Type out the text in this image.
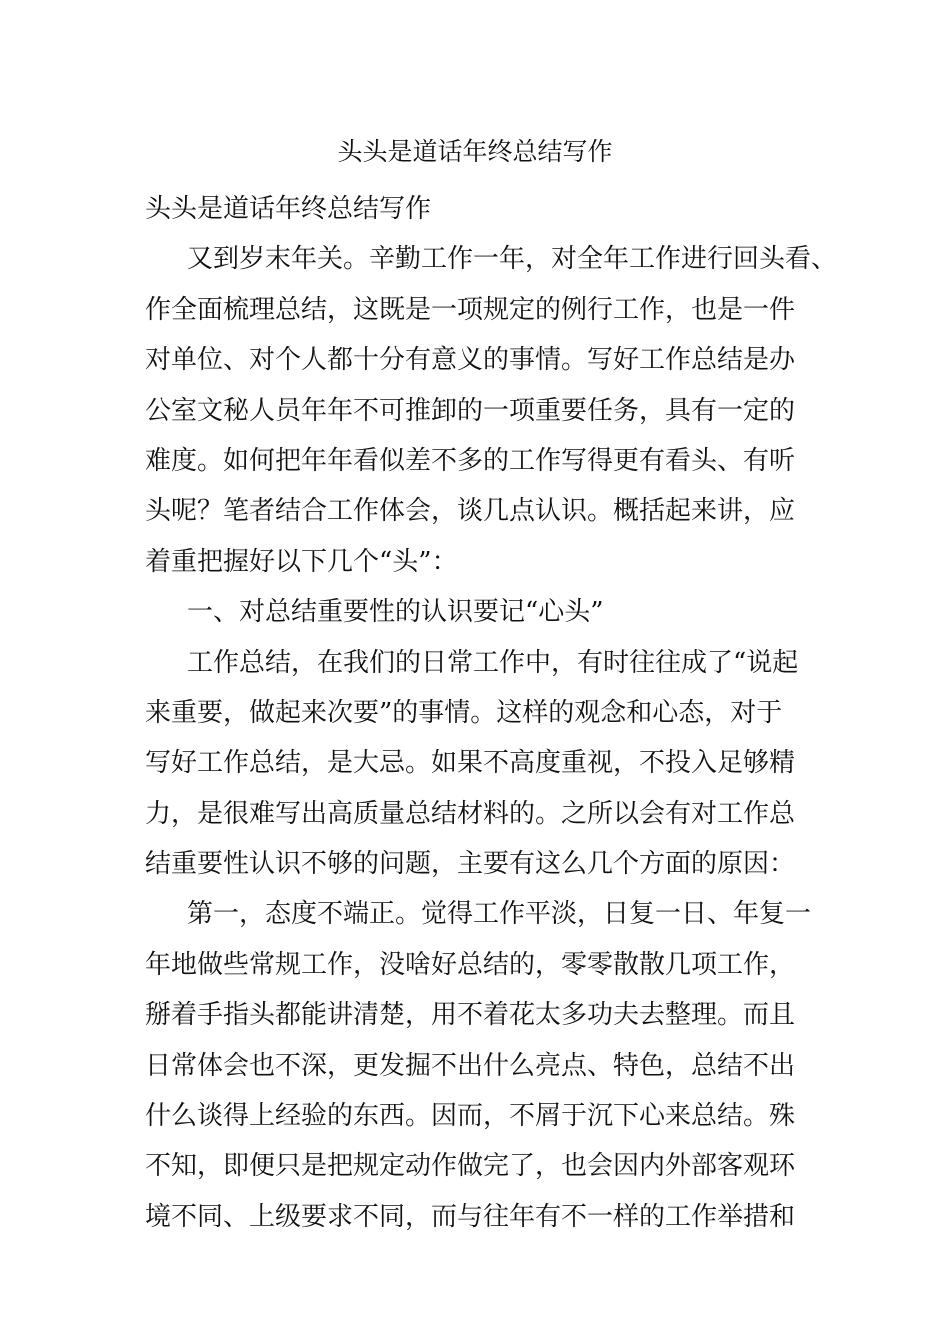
头头是道话年终总结写作
头头是道话年终总结写作
又到岁末年关。辛勤工作一年，对全年工作进行回头看、
作全面梳理总结，这既是一项规定的例行工作，也是一件
对单位、对个人都十分有意义的事情。写好工作总结是办
公室文秘人员年年不可推卸的一项重要任务，具有一定的
难度。如何把年年看似差不多的工作写得更有看头、有听
头呢？笔者结合工作体会，谈几点认识。概括起来讲，应
着重把握好以下几个“头”：
一、对总结重要性的认识要记“心头”
工作总结，在我们的日常工作中，有时往往成了“说起
来重要，做起来次要”的事情。这样的观念和心态，对于
写好工作总结，是大忌。如果不高度重视，不投入足够精
力，是很难写出高质量总结材料的。之所以会有对工作总
结重要性认识不够的问题，主要有这么几个方面的原因：
第一，态度不端正。觉得工作平淡，日复一日、年复一
年地做些常规工作，没啥好总结的，零零散散几项工作，
掰着手指头都能讲清楚，用不着花太多功夫去整理。而且
日常体会也不深，更发掘不出什么亮点、特色，总结不出
什么谈得上经验的东西。因而，不屑于沉下心来总结。殊
不知，即便只是把规定动作做完了，也会因内外部客观环
境不同、上级要求不同，而与往年有不一样的工作举措和
